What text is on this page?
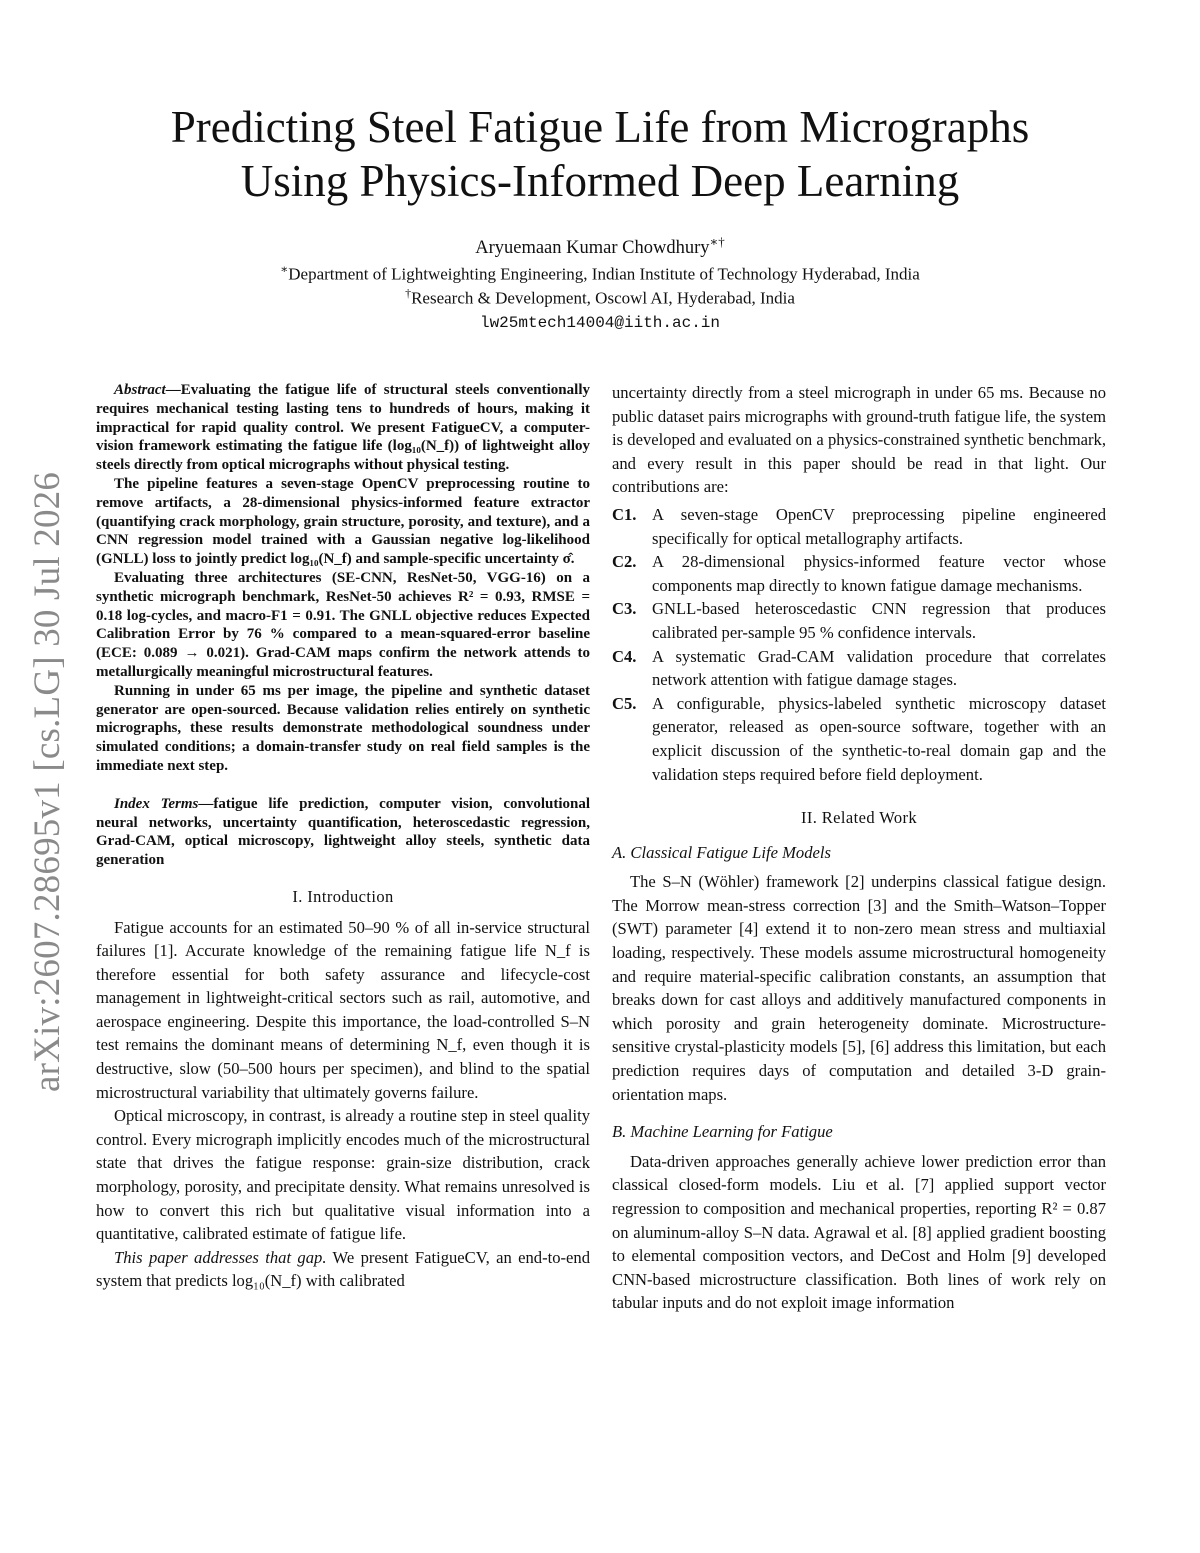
arXiv:2607.28695v1 [cs.LG] 30 Jul 2026
Predicting Steel Fatigue Life from Micrographs
Using Physics-Informed Deep Learning
Aryuemaan Kumar Chowdhury∗†
∗Department of Lightweighting Engineering, Indian Institute of Technology Hyderabad, India
†Research & Development, Oscowl AI, Hyderabad, India
lw25mtech14004@iith.ac.in

Abstract—Evaluating the fatigue life of structural steels conventionally requires mechanical testing lasting tens to hundreds of hours, making it impractical for rapid quality control. We present FatigueCV, a computer-vision framework estimating the fatigue life (log₁₀(N_f)) of lightweight alloy steels directly from optical micrographs without physical testing.

The pipeline features a seven-stage OpenCV preprocessing routine to remove artifacts, a 28-dimensional physics-informed feature extractor (quantifying crack morphology, grain structure, porosity, and texture), and a CNN regression model trained with a Gaussian negative log-likelihood (GNLL) loss to jointly predict log₁₀(N_f) and sample-specific uncertainty σ̂.

Evaluating three architectures (SE-CNN, ResNet-50, VGG-16) on a synthetic micrograph benchmark, ResNet-50 achieves R² = 0.93, RMSE = 0.18 log-cycles, and macro-F1 = 0.91. The GNLL objective reduces Expected Calibration Error by 76 % compared to a mean-squared-error baseline (ECE: 0.089 → 0.021). Grad-CAM maps confirm the network attends to metallurgically meaningful microstructural features.

Running in under 65 ms per image, the pipeline and synthetic dataset generator are open-sourced. Because validation relies entirely on synthetic micrographs, these results demonstrate methodological soundness under simulated conditions; a domain-transfer study on real field samples is the immediate next step.

Index Terms—fatigue life prediction, computer vision, convolutional neural networks, uncertainty quantification, heteroscedastic regression, Grad-CAM, optical microscopy, lightweight alloy steels, synthetic data generation

I. Introduction

Fatigue accounts for an estimated 50–90 % of all in-service structural failures [1]. Accurate knowledge of the remaining fatigue life N_f is therefore essential for both safety assurance and lifecycle-cost management in lightweight-critical sectors such as rail, automotive, and aerospace engineering. Despite this importance, the load-controlled S–N test remains the dominant means of determining N_f, even though it is destructive, slow (50–500 hours per specimen), and blind to the spatial microstructural variability that ultimately governs failure.

Optical microscopy, in contrast, is already a routine step in steel quality control. Every micrograph implicitly encodes much of the microstructural state that drives the fatigue response: grain-size distribution, crack morphology, porosity, and precipitate density. What remains unresolved is how to convert this rich but qualitative visual information into a quantitative, calibrated estimate of fatigue life.

This paper addresses that gap. We present FatigueCV, an end-to-end system that predicts log₁₀(N_f) with calibrated

uncertainty directly from a steel micrograph in under 65 ms. Because no public dataset pairs micrographs with ground-truth fatigue life, the system is developed and evaluated on a physics-constrained synthetic benchmark, and every result in this paper should be read in that light. Our contributions are:

C1. A seven-stage OpenCV preprocessing pipeline engineered specifically for optical metallography artifacts.

C2. A 28-dimensional physics-informed feature vector whose components map directly to known fatigue damage mechanisms.

C3. GNLL-based heteroscedastic CNN regression that produces calibrated per-sample 95 % confidence intervals.

C4. A systematic Grad-CAM validation procedure that correlates network attention with fatigue damage stages.

C5. A configurable, physics-labeled synthetic microscopy dataset generator, released as open-source software, together with an explicit discussion of the synthetic-to-real domain gap and the validation steps required before field deployment.

II. Related Work
A. Classical Fatigue Life Models

The S–N (Wöhler) framework [2] underpins classical fatigue design. The Morrow mean-stress correction [3] and the Smith–Watson–Topper (SWT) parameter [4] extend it to non-zero mean stress and multiaxial loading, respectively. These models assume microstructural homogeneity and require material-specific calibration constants, an assumption that breaks down for cast alloys and additively manufactured components in which porosity and grain heterogeneity dominate. Microstructure-sensitive crystal-plasticity models [5], [6] address this limitation, but each prediction requires days of computation and detailed 3-D grain-orientation maps.

B. Machine Learning for Fatigue

Data-driven approaches generally achieve lower prediction error than classical closed-form models. Liu et al. [7] applied support vector regression to composition and mechanical properties, reporting R² = 0.87 on aluminum-alloy S–N data. Agrawal et al. [8] applied gradient boosting to elemental composition vectors, and DeCost and Holm [9] developed CNN-based microstructure classification. Both lines of work rely on tabular inputs and do not exploit image information
